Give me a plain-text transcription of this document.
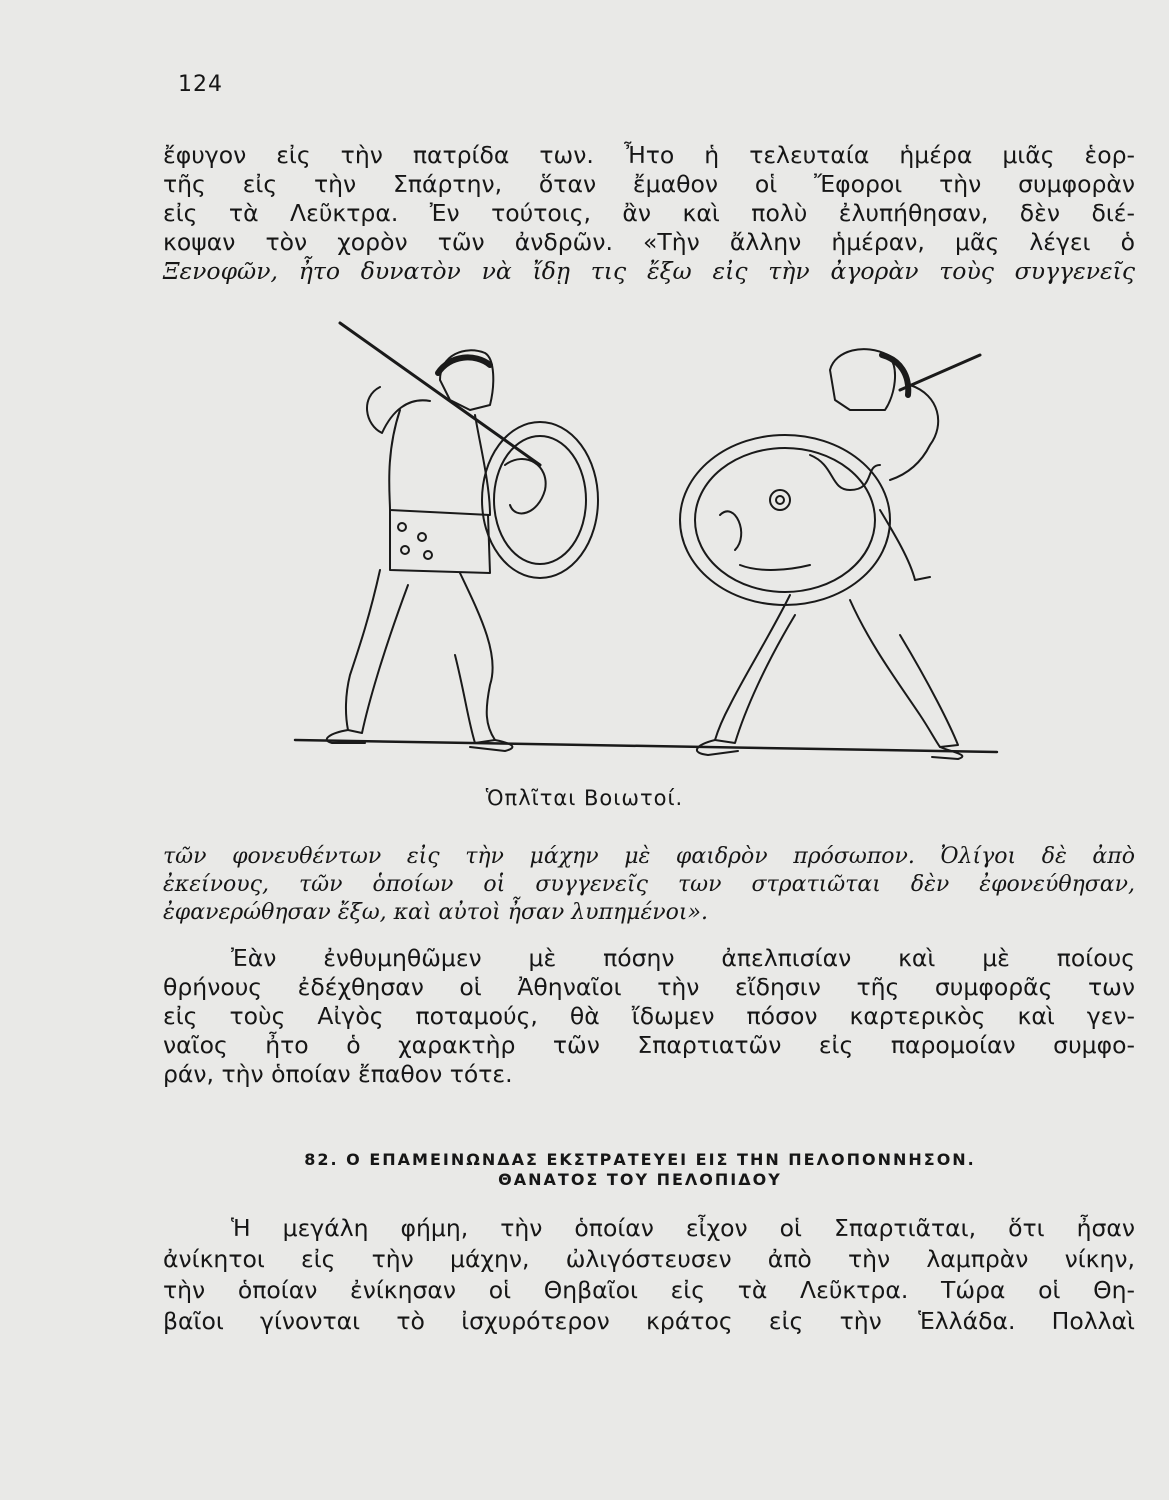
124
ἔφυγον εἰς τὴν πατρίδα των. Ἦτο ἡ τελευταία ἡμέρα μιᾶς ἑορ-
τῆς εἰς τὴν Σπάρτην, ὅταν ἔμαθον οἱ Ἔφοροι τὴν συμφορὰν
εἰς τὰ Λεῦκτρα. Ἐν τούτοις, ἂν καὶ πολὺ ἐλυπήθησαν, δὲν διέ-
κοψαν τὸν χορὸν τῶν ἀνδρῶν. «Τὴν ἄλλην ἡμέραν, μᾶς λέγει ὁ
Ξενοφῶν, ἦτο δυνατὸν νὰ ἴδῃ τις ἔξω εἰς τὴν ἀγορὰν τοὺς συγγενεῖς
Ὁπλῖται Βοιωτοί.
τῶν φονευθέντων εἰς τὴν μάχην μὲ φαιδρὸν πρόσωπον. Ὀλίγοι δὲ ἀπὸ
ἐκείνους, τῶν ὁποίων οἱ συγγενεῖς των στρατιῶται δὲν ἐφονεύθησαν,
ἐφανερώθησαν ἔξω, καὶ αὐτοὶ ἦσαν λυπημένοι».
Ἐὰν ἐνθυμηθῶμεν μὲ πόσην ἀπελπισίαν καὶ μὲ ποίους
θρήνους ἐδέχθησαν οἱ Ἀθηναῖοι τὴν εἴδησιν τῆς συμφορᾶς των
εἰς τοὺς Αἰγὸς ποταμούς, θὰ ἴδωμεν πόσον καρτερικὸς καὶ γεν-
ναῖος ἦτο ὁ χαρακτὴρ τῶν Σπαρτιατῶν εἰς παρομοίαν συμφο-
ράν, τὴν ὁποίαν ἔπαθον τότε.
82. Ο ΕΠΑΜΕΙΝΩΝΔΑΣ ΕΚΣΤΡΑΤΕΥΕΙ ΕΙΣ ΤΗΝ ΠΕΛΟΠΟΝΝΗΣΟΝ.
ΘΑΝΑΤΟΣ ΤΟΥ ΠΕΛΟΠΙΔΟΥ
Ἡ μεγάλη φήμη, τὴν ὁποίαν εἶχον οἱ Σπαρτιᾶται, ὅτι ἦσαν
ἀνίκητοι εἰς τὴν μάχην, ὠλιγόστευσεν ἀπὸ τὴν λαμπρὰν νίκην,
τὴν ὁποίαν ἐνίκησαν οἱ Θηβαῖοι εἰς τὰ Λεῦκτρα. Τώρα οἱ Θη-
βαῖοι γίνονται τὸ ἰσχυρότερον κράτος εἰς τὴν Ἑλλάδα. Πολλαὶ
